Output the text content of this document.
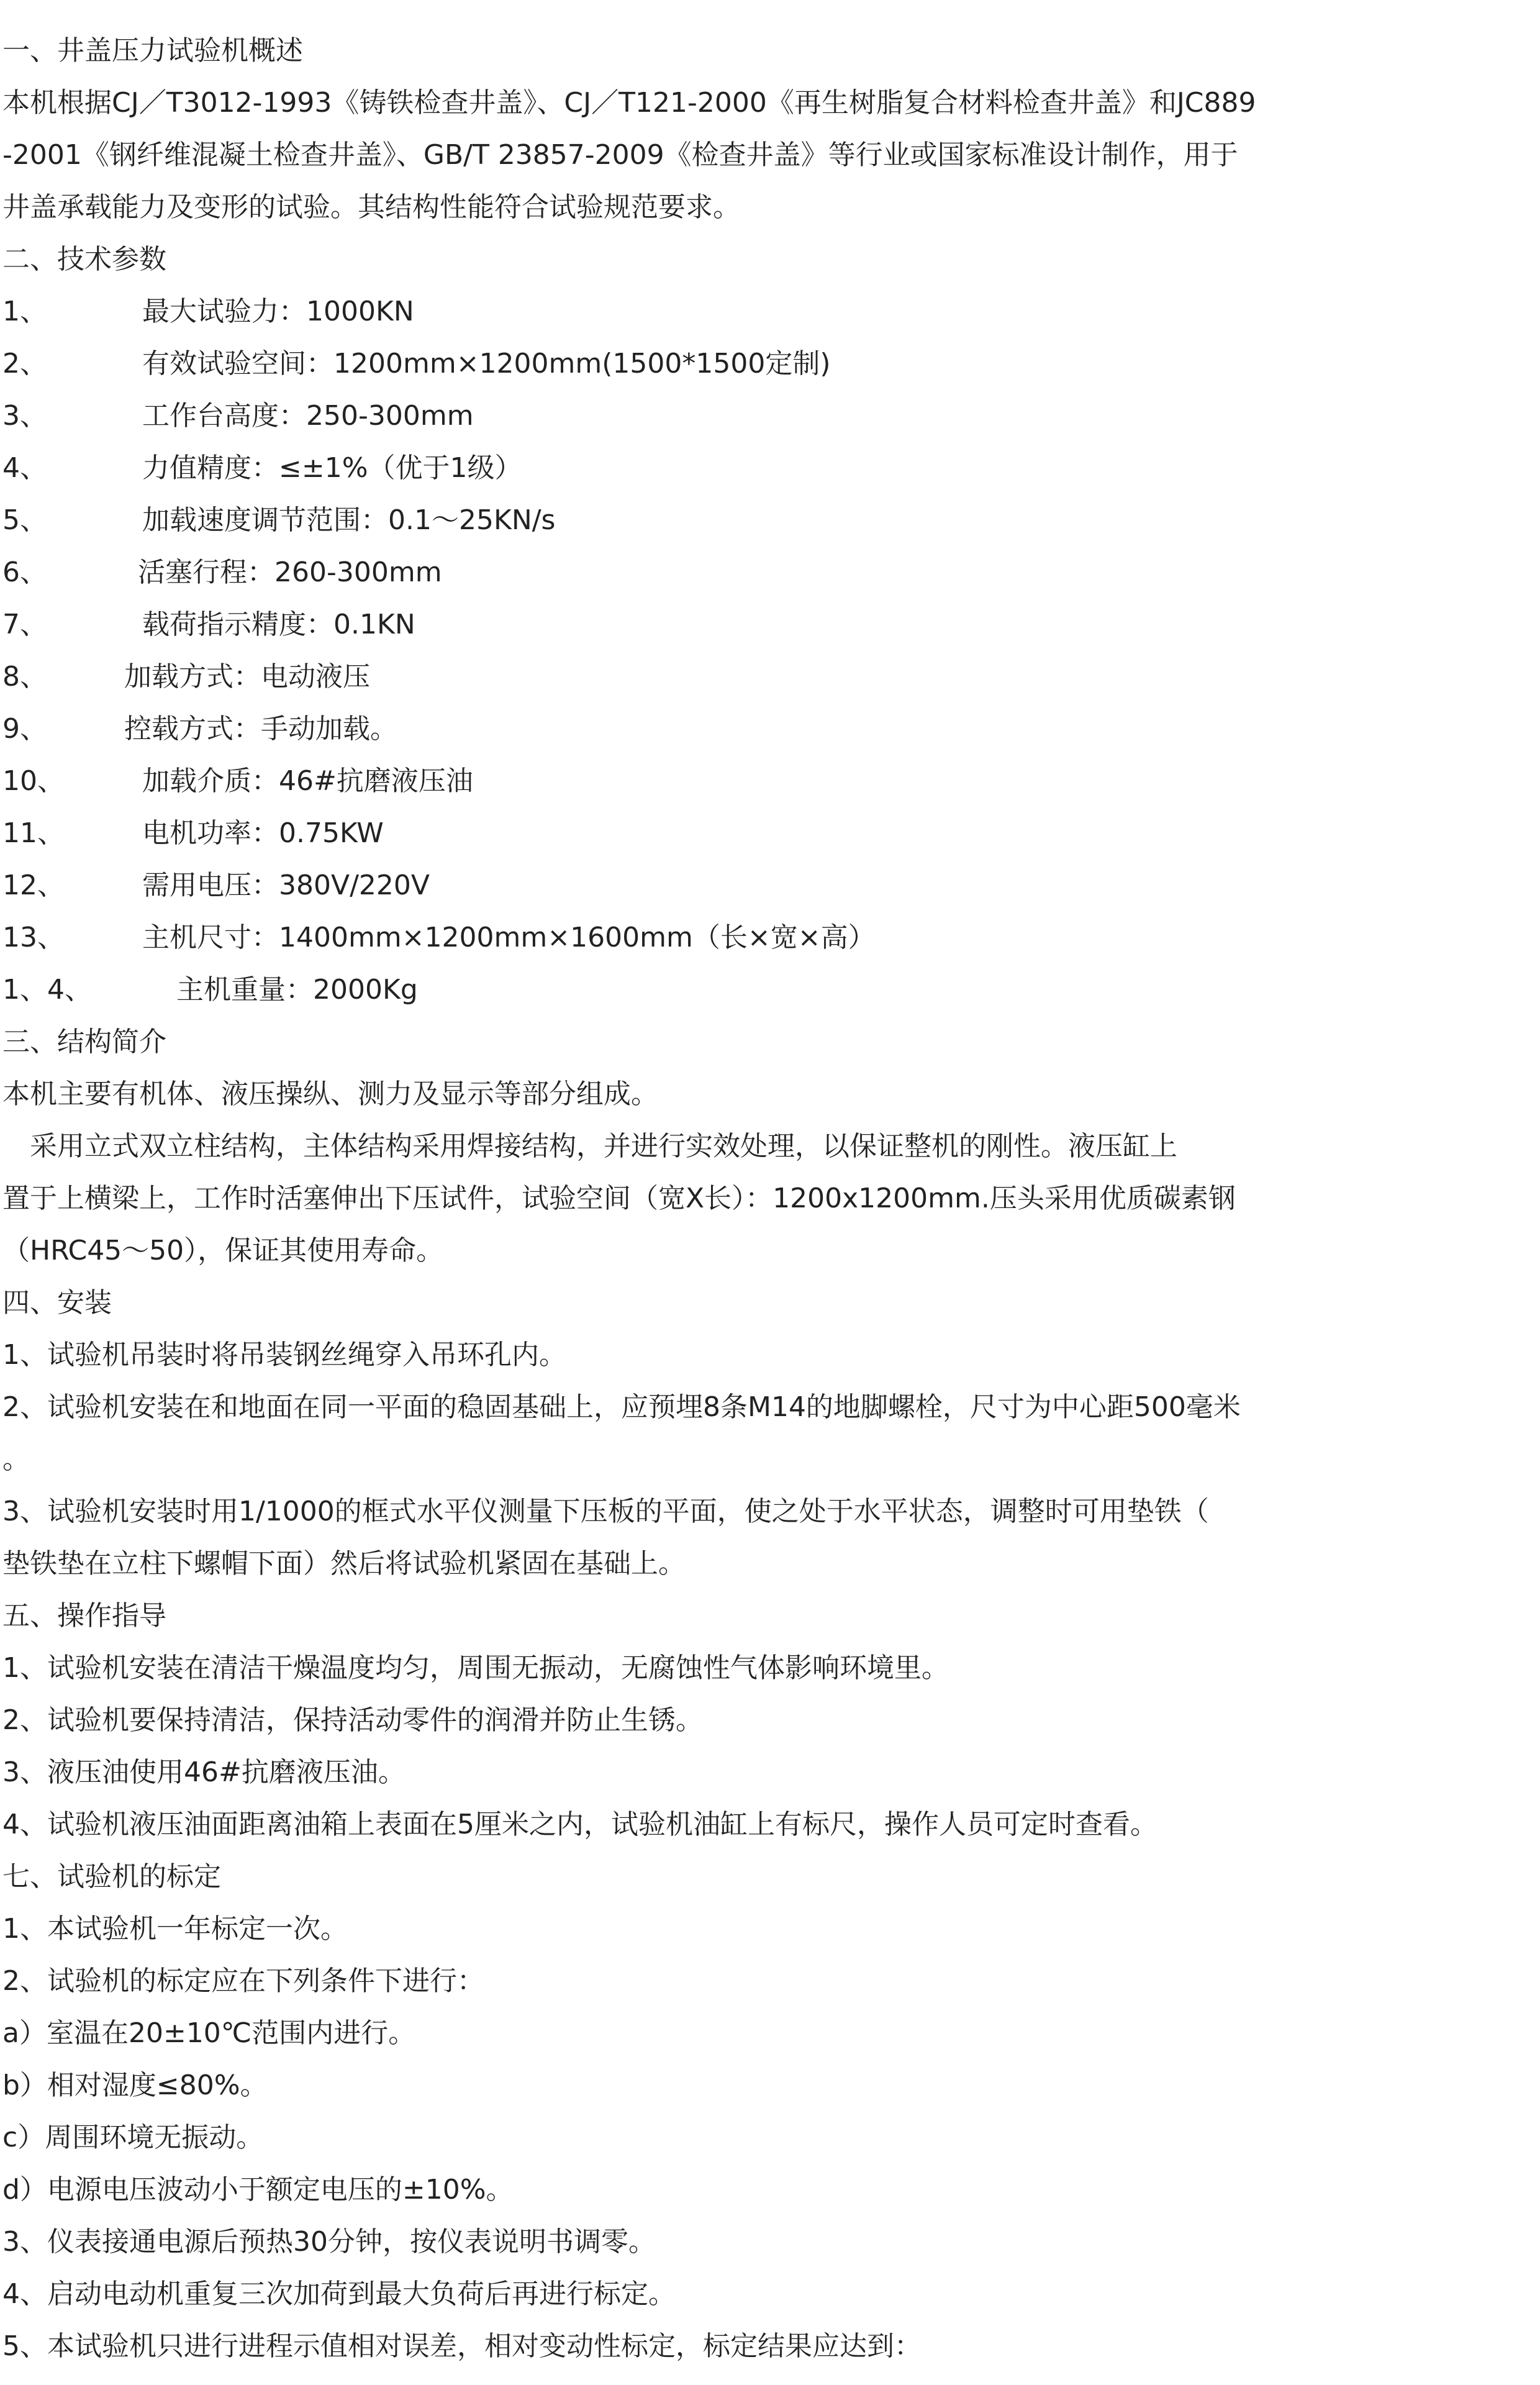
一、井盖压力试验机概述
本机根据CJ／T3012-1993《铸铁检查井盖》、CJ／T121-2000《再生树脂复合材料检查井盖》和JC889
-2001《钢纤维混凝土检查井盖》、GB/T 23857-2009《检查井盖》等行业或国家标准设计制作，用于
井盖承载能力及变形的试验。其结构性能符合试验规范要求。
二、技术参数
1、	最大试验力：1000KN
2、	有效试验空间：1200mm×1200mm(1500*1500定制)
3、	工作台高度：250-300mm
4、	力值精度：≤±1%（优于1级）
5、	加载速度调节范围：0.1～25KN/s
6、	活塞行程：260-300mm
7、	载荷指示精度：0.1KN
8、	加载方式：电动液压
9、	控载方式：手动加载。
10、	加载介质：46#抗磨液压油
11、	电机功率：0.75KW
12、	需用电压：380V/220V
13、	主机尺寸：1400mm×1200mm×1600mm（长×宽×高）
1、4、	主机重量：2000Kg
三、结构简介
本机主要有机体、液压操纵、测力及显示等部分组成。
　采用立式双立柱结构，主体结构采用焊接结构，并进行实效处理，以保证整机的刚性。液压缸上
置于上横梁上，工作时活塞伸出下压试件，试验空间（宽X长）：1200x1200mm.压头采用优质碳素钢
（HRC45～50），保证其使用寿命。
四、安装
1、试验机吊装时将吊装钢丝绳穿入吊环孔内。
2、试验机安装在和地面在同一平面的稳固基础上，应预埋8条M14的地脚螺栓，尺寸为中心距500毫米
。
3、试验机安装时用1/1000的框式水平仪测量下压板的平面，使之处于水平状态，调整时可用垫铁（
垫铁垫在立柱下螺帽下面）然后将试验机紧固在基础上。
五、操作指导
1、试验机安装在清洁干燥温度均匀，周围无振动，无腐蚀性气体影响环境里。
2、试验机要保持清洁，保持活动零件的润滑并防止生锈。
3、液压油使用46#抗磨液压油。
4、试验机液压油面距离油箱上表面在5厘米之内，试验机油缸上有标尺，操作人员可定时查看。
七、试验机的标定
1、本试验机一年标定一次。
2、试验机的标定应在下列条件下进行：
a）室温在20±10℃范围内进行。
b）相对湿度≤80%。
c）周围环境无振动。
d）电源电压波动小于额定电压的±10%。
3、仪表接通电源后预热30分钟，按仪表说明书调零。
4、启动电动机重复三次加荷到最大负荷后再进行标定。
5、本试验机只进行进程示值相对误差，相对变动性标定，标定结果应达到：
